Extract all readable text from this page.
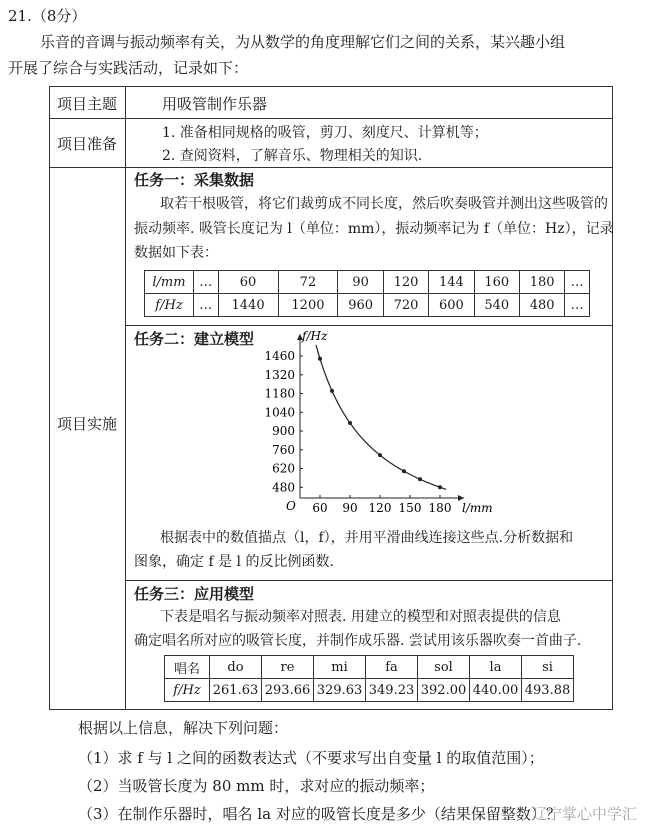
21.（8分）
乐音的音调与振动频率有关，为从数学的角度理解它们之间的关系，某兴趣小组
开展了综合与实践活动，记录如下：
项目主题	用吸管制作乐器
项目准备
1. 准备相同规格的吸管，剪刀、刻度尺、计算机等；
2. 查阅资料，了解音乐、物理相关的知识.
项目实施
任务一：采集数据
取若干根吸管，将它们裁剪成不同长度，然后吹奏吸管并测出这些吸管的
振动频率. 吸管长度记为 l（单位：mm），振动频率记为 f（单位：Hz），记录
数据如下表：
l/mm	…	60	72	90	120	144	160	180	…
f/Hz	…	1440	1200	960	720	600	540	480	…
任务二：建立模型
60 90 120 150 180
480
620
760
900
1040
1180
1320
1460
f/Hz
l/mm
O
根据表中的数值描点（l，f），并用平滑曲线连接这些点.分析数据和
图象，确定 f 是 l 的反比例函数.
任务三：应用模型
下表是唱名与振动频率对照表. 用建立的模型和对照表提供的信息
确定唱名所对应的吸管长度，并制作成乐器. 尝试用该乐器吹奏一首曲子.
唱名	do	re	mi	fa	sol	la	si
f/Hz	261.63	293.66	329.63	349.23	392.00	440.00	493.88
根据以上信息，解决下列问题：
（1）求 f 与 l 之间的函数表达式（不要求写出自变量 l 的取值范围）；
（2）当吸管长度为 80 mm 时，求对应的振动频率；
（3）在制作乐器时，唱名 la 对应的吸管长度是多少（结果保留整数）？
辽宁掌心中学汇
